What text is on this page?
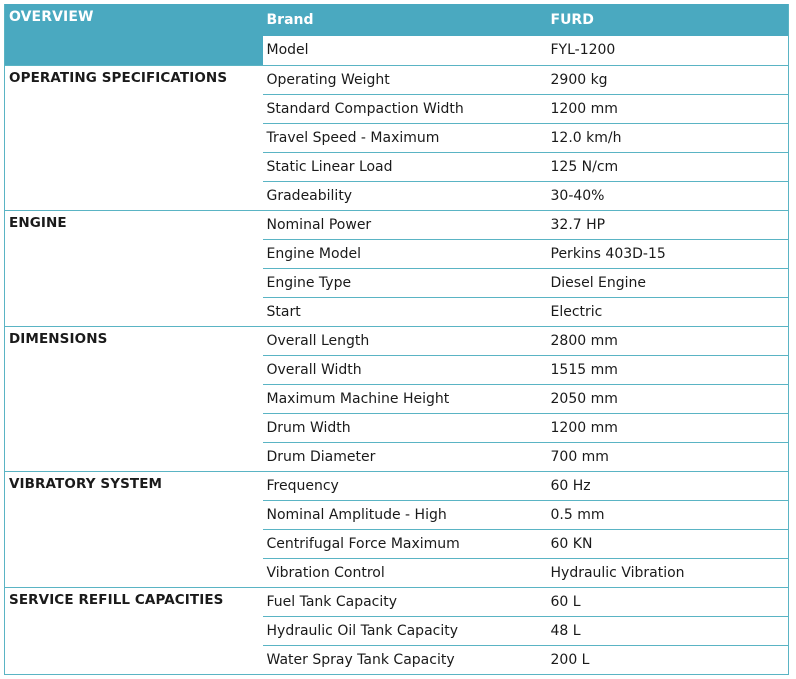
OVERVIEW	Brand	FURD
	Model	FYL-1200
OPERATING SPECIFICATIONS	Operating Weight	2900 kg
	Standard Compaction Width	1200 mm
	Travel Speed - Maximum	12.0 km/h
	Static Linear Load	125 N/cm
	Gradeability	30-40%
ENGINE	Nominal Power	32.7 HP
	Engine Model	Perkins 403D-15
	Engine Type	Diesel Engine
	Start	Electric
DIMENSIONS	Overall Length	2800 mm
	Overall Width	1515 mm
	Maximum Machine Height	2050 mm
	Drum Width	1200 mm
	Drum Diameter	700 mm
VIBRATORY SYSTEM	Frequency	60 Hz
	Nominal Amplitude - High	0.5 mm
	Centrifugal Force Maximum	60 KN
	Vibration Control	Hydraulic Vibration
SERVICE REFILL CAPACITIES	Fuel Tank Capacity	60 L
	Hydraulic Oil Tank Capacity	48 L
	Water Spray Tank Capacity	200 L
